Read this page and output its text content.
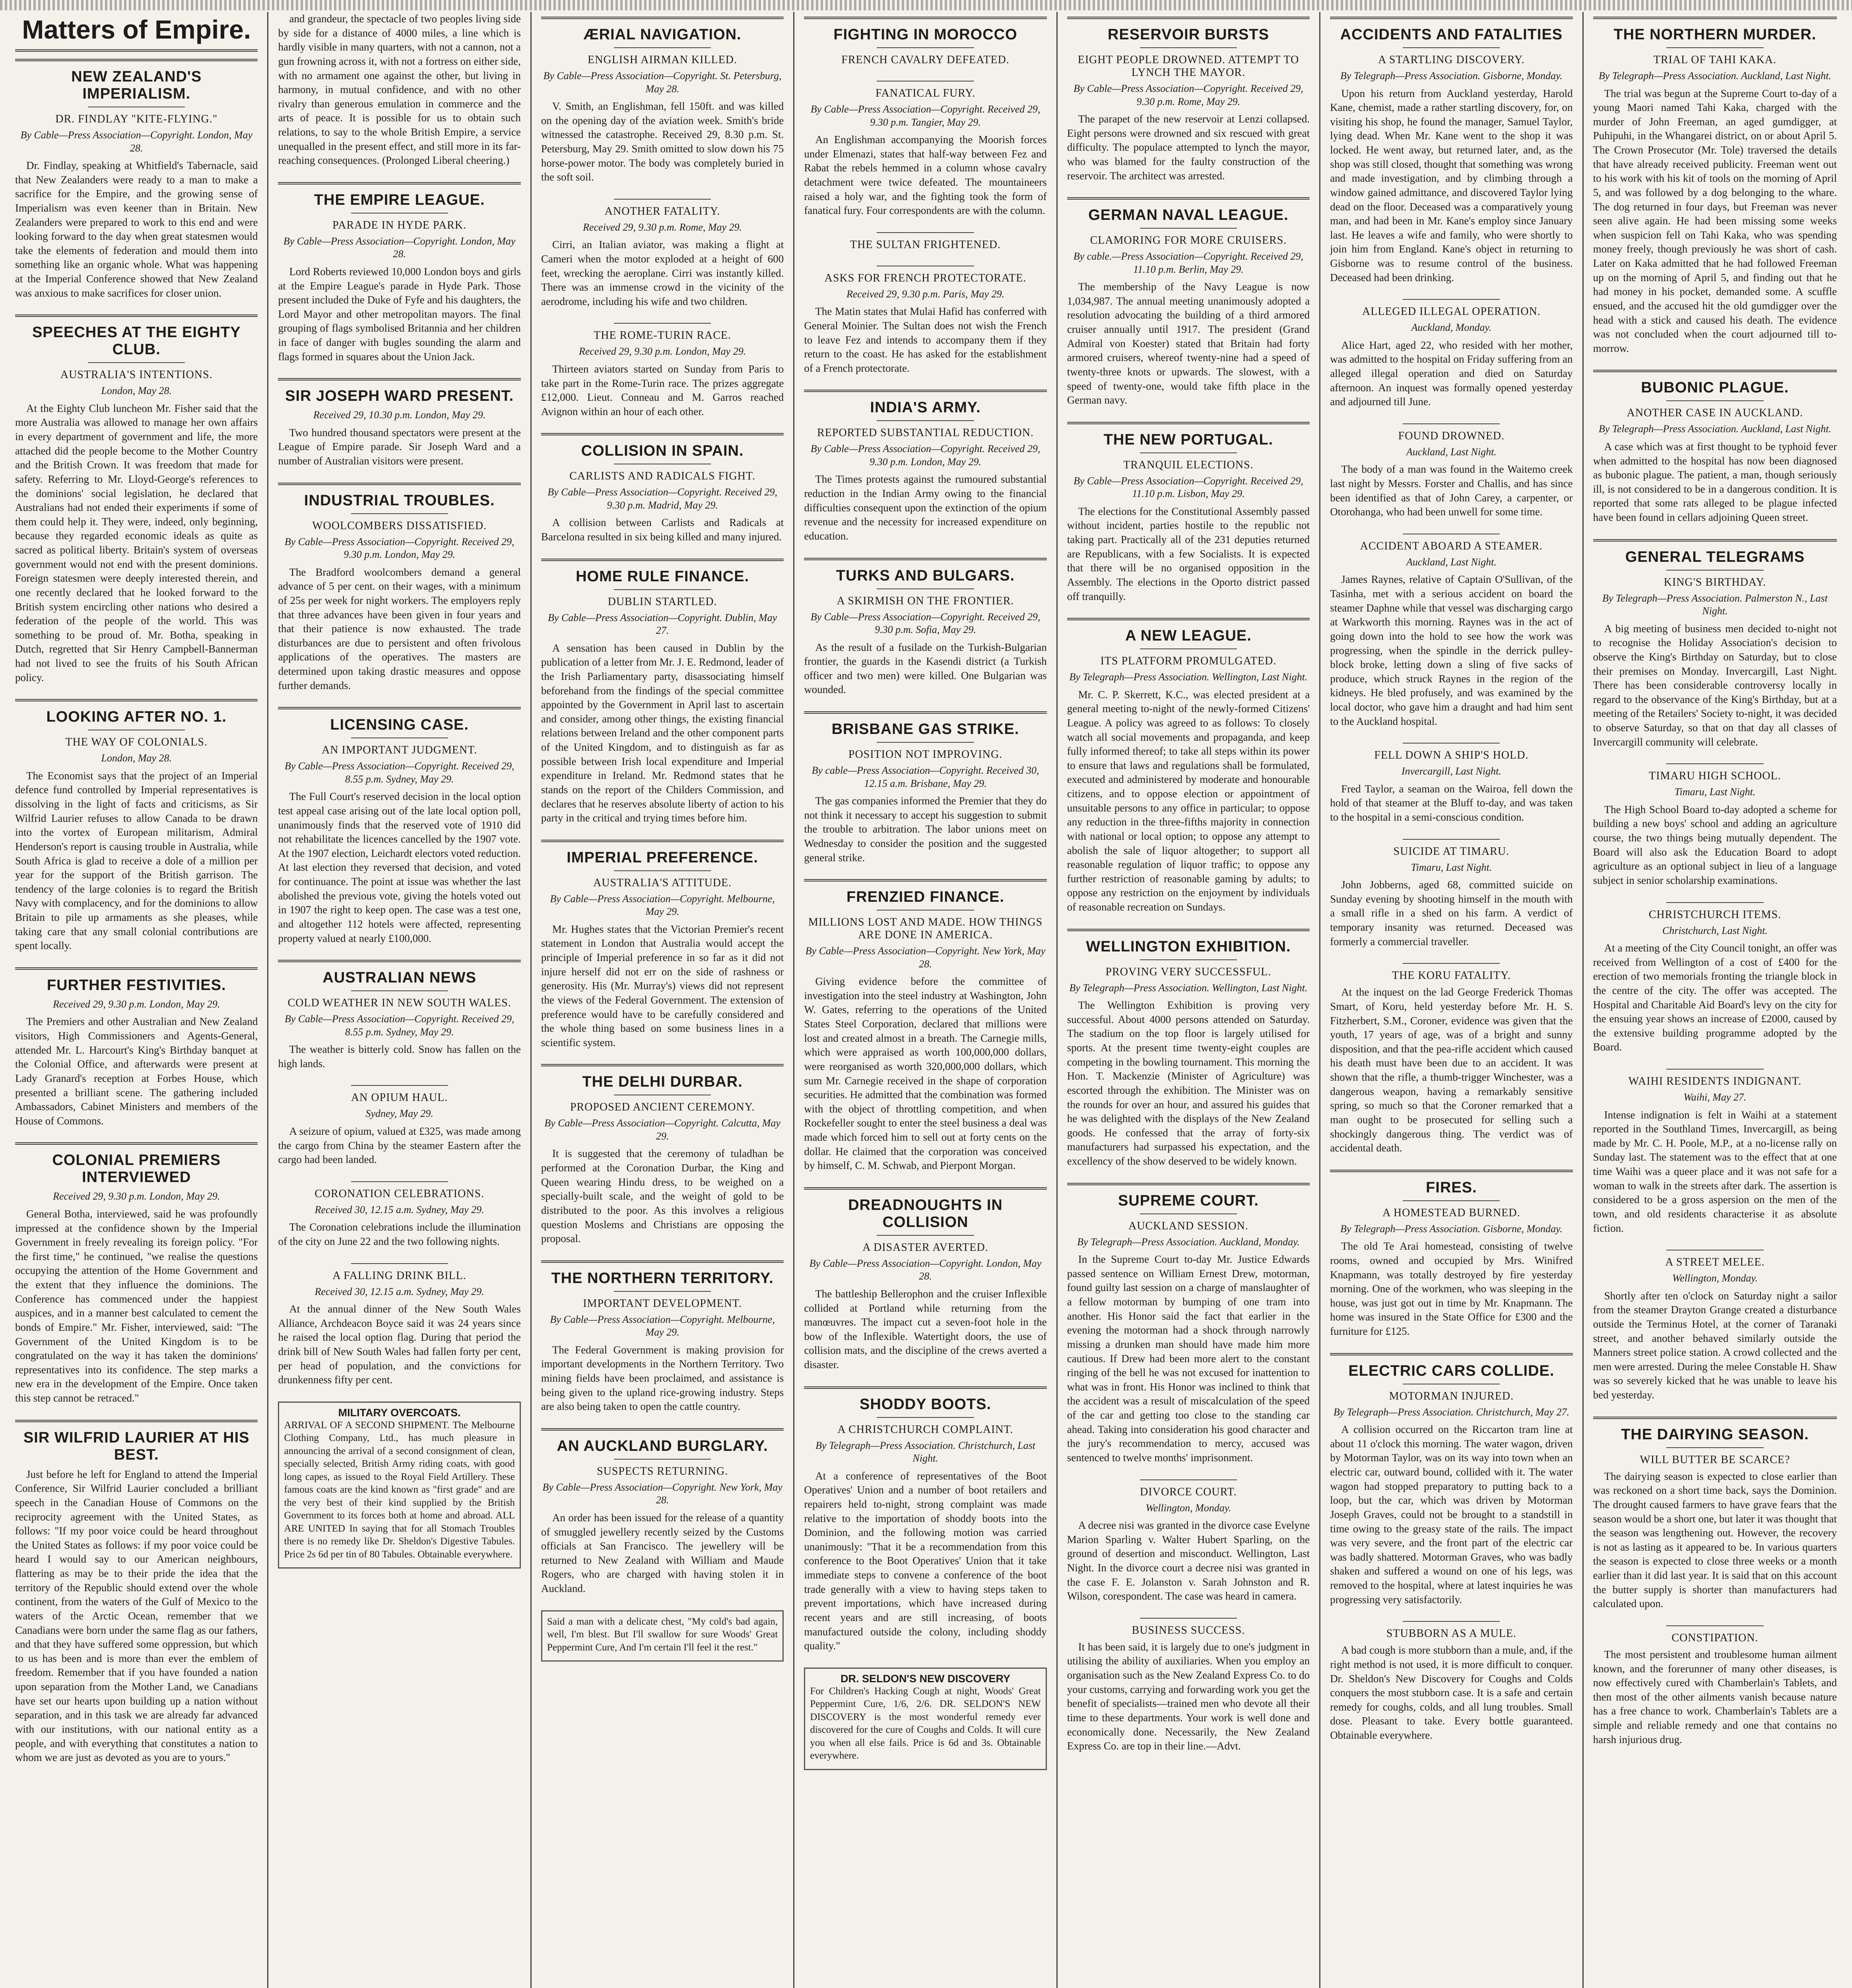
Matters of Empire.
NEW ZEALAND'S IMPERIALISM.
DR. FINDLAY "KITE-FLYING."
By Cable—Press Association—Copyright. London, May 28.

Dr. Findlay, speaking at Whitfield's Tabernacle, said that New Zealanders were ready to a man to make a sacrifice for the Empire, and the growing sense of Imperialism was even keener than in Britain. New Zealanders were prepared to work to this end and were looking forward to the day when great statesmen would take the elements of federation and mould them into something like an organic whole. What was happening at the Imperial Conference showed that New Zealand was anxious to make sacrifices for closer union.

SPEECHES AT THE EIGHTY CLUB.
AUSTRALIA'S INTENTIONS.
London, May 28.

At the Eighty Club luncheon Mr. Fisher said that the more Australia was allowed to manage her own affairs in every department of government and life, the more attached did the people become to the Mother Country and the British Crown. It was freedom that made for safety. Referring to Mr. Lloyd-George's references to the dominions' social legislation, he declared that Australians had not ended their experiments if some of them could help it. They were, indeed, only beginning, because they regarded economic ideals as quite as sacred as political liberty. Britain's system of overseas government would not end with the present dominions. Foreign statesmen were deeply interested therein, and one recently declared that he looked forward to the British system encircling other nations who desired a federation of the people of the world. This was something to be proud of. Mr. Botha, speaking in Dutch, regretted that Sir Henry Campbell-Bannerman had not lived to see the fruits of his South African policy.

LOOKING AFTER NO. 1.
THE WAY OF COLONIALS.
London, May 28.

The Economist says that the project of an Imperial defence fund controlled by Imperial representatives is dissolving in the light of facts and criticisms, as Sir Wilfrid Laurier refuses to allow Canada to be drawn into the vortex of European militarism, Admiral Henderson's report is causing trouble in Australia, while South Africa is glad to receive a dole of a million per year for the support of the British garrison. The tendency of the large colonies is to regard the British Navy with complacency, and for the dominions to allow Britain to pile up armaments as she pleases, while taking care that any small colonial contributions are spent locally.

FURTHER FESTIVITIES.
Received 29, 9.30 p.m. London, May 29.

The Premiers and other Australian and New Zealand visitors, High Commissioners and Agents-General, attended Mr. L. Harcourt's King's Birthday banquet at the Colonial Office, and afterwards were present at Lady Granard's reception at Forbes House, which presented a brilliant scene. The gathering included Ambassadors, Cabinet Ministers and members of the House of Commons.

COLONIAL PREMIERS INTERVIEWED
Received 29, 9.30 p.m. London, May 29.

General Botha, interviewed, said he was profoundly impressed at the confidence shown by the Imperial Government in freely revealing its foreign policy. "For the first time," he continued, "we realise the questions occupying the attention of the Home Government and the extent that they influence the dominions. The Conference has commenced under the happiest auspices, and in a manner best calculated to cement the bonds of Empire." Mr. Fisher, interviewed, said: "The Government of the United Kingdom is to be congratulated on the way it has taken the dominions' representatives into its confidence. The step marks a new era in the development of the Empire. Once taken this step cannot be retraced."

SIR WILFRID LAURIER AT HIS BEST.

Just before he left for England to attend the Imperial Conference, Sir Wilfrid Laurier concluded a brilliant speech in the Canadian House of Commons on the reciprocity agreement with the United States, as follows: "If my poor voice could be heard throughout the United States as follows: if my poor voice could be heard I would say to our American neighbours, flattering as may be to their pride the idea that the territory of the Republic should extend over the whole continent, from the waters of the Gulf of Mexico to the waters of the Arctic Ocean, remember that we Canadians were born under the same flag as our fathers, and that they have suffered some oppression, but which to us has been and is more than ever the emblem of freedom. Remember that if you have founded a nation upon separation from the Mother Land, we Canadians have set our hearts upon building up a nation without separation, and in this task we are already far advanced with our institutions, with our national entity as a people, and with everything that constitutes a nation to whom we are just as devoted as you are to yours."

and grandeur, the spectacle of two peoples living side by side for a distance of 4000 miles, a line which is hardly visible in many quarters, with not a cannon, not a gun frowning across it, with not a fortress on either side, with no armament one against the other, but living in harmony, in mutual confidence, and with no other rivalry than generous emulation in commerce and the arts of peace. It is possible for us to obtain such relations, to say to the whole British Empire, a service unequalled in the present effect, and still more in its far-reaching consequences. (Prolonged Liberal cheering.)

THE EMPIRE LEAGUE.
PARADE IN HYDE PARK.
By Cable—Press Association—Copyright. London, May 28.

Lord Roberts reviewed 10,000 London boys and girls at the Empire League's parade in Hyde Park. Those present included the Duke of Fyfe and his daughters, the Lord Mayor and other metropolitan mayors. The final grouping of flags symbolised Britannia and her children in face of danger with bugles sounding the alarm and flags formed in squares about the Union Jack.

SIR JOSEPH WARD PRESENT.
Received 29, 10.30 p.m. London, May 29.

Two hundred thousand spectators were present at the League of Empire parade. Sir Joseph Ward and a number of Australian visitors were present.

INDUSTRIAL TROUBLES.
WOOLCOMBERS DISSATISFIED.
By Cable—Press Association—Copyright. Received 29, 9.30 p.m. London, May 29.

The Bradford woolcombers demand a general advance of 5 per cent. on their wages, with a minimum of 25s per week for night workers. The employers reply that three advances have been given in four years and that their patience is now exhausted. The trade disturbances are due to persistent and often frivolous applications of the operatives. The masters are determined upon taking drastic measures and oppose further demands.

LICENSING CASE.
AN IMPORTANT JUDGMENT.
By Cable—Press Association—Copyright. Received 29, 8.55 p.m. Sydney, May 29.

The Full Court's reserved decision in the local option test appeal case arising out of the late local option poll, unanimously finds that the reserved vote of 1910 did not rehabilitate the licences cancelled by the 1907 vote. At the 1907 election, Leichardt electors voted reduction. At last election they reversed that decision, and voted for continuance. The point at issue was whether the last abolished the previous vote, giving the hotels voted out in 1907 the right to keep open. The case was a test one, and altogether 112 hotels were affected, representing property valued at nearly £100,000.

AUSTRALIAN NEWS
COLD WEATHER IN NEW SOUTH WALES.
By Cable—Press Association—Copyright. Received 29, 8.55 p.m. Sydney, May 29.

The weather is bitterly cold. Snow has fallen on the high lands.

AN OPIUM HAUL.
Sydney, May 29.

A seizure of opium, valued at £325, was made among the cargo from China by the steamer Eastern after the cargo had been landed.

CORONATION CELEBRATIONS.
Received 30, 12.15 a.m. Sydney, May 29.

The Coronation celebrations include the illumination of the city on June 22 and the two following nights.

A FALLING DRINK BILL.
Received 30, 12.15 a.m. Sydney, May 29.

At the annual dinner of the New South Wales Alliance, Archdeacon Boyce said it was 24 years since he raised the local option flag. During that period the drink bill of New South Wales had fallen forty per cent, per head of population, and the convictions for drunkenness fifty per cent.

MILITARY OVERCOATS.

ARRIVAL OF A SECOND SHIPMENT. The Melbourne Clothing Company, Ltd., has much pleasure in announcing the arrival of a second consignment of clean, specially selected, British Army riding coats, with good long capes, as issued to the Royal Field Artillery. These famous coats are the kind known as "first grade" and are the very best of their kind supplied by the British Government to its forces both at home and abroad. ALL ARE UNITED In saying that for all Stomach Troubles there is no remedy like Dr. Sheldon's Digestive Tabules. Price 2s 6d per tin of 80 Tabules. Obtainable everywhere.

ÆRIAL NAVIGATION.
ENGLISH AIRMAN KILLED.
By Cable—Press Association—Copyright. St. Petersburg, May 28.

V. Smith, an Englishman, fell 150ft. and was killed on the opening day of the aviation week. Smith's bride witnessed the catastrophe. Received 29, 8.30 p.m. St. Petersburg, May 29. Smith omitted to slow down his 75 horse-power motor. The body was completely buried in the soft soil.

ANOTHER FATALITY.
Received 29, 9.30 p.m. Rome, May 29.

Cirri, an Italian aviator, was making a flight at Cameri when the motor exploded at a height of 600 feet, wrecking the aeroplane. Cirri was instantly killed. There was an immense crowd in the vicinity of the aerodrome, including his wife and two children.

THE ROME-TURIN RACE.
Received 29, 9.30 p.m. London, May 29.

Thirteen aviators started on Sunday from Paris to take part in the Rome-Turin race. The prizes aggregate £12,000. Lieut. Conneau and M. Garros reached Avignon within an hour of each other.

COLLISION IN SPAIN.
CARLISTS AND RADICALS FIGHT.
By Cable—Press Association—Copyright. Received 29, 9.30 p.m. Madrid, May 29.

A collision between Carlists and Radicals at Barcelona resulted in six being killed and many injured.

HOME RULE FINANCE.
DUBLIN STARTLED.
By Cable—Press Association—Copyright. Dublin, May 27.

A sensation has been caused in Dublin by the publication of a letter from Mr. J. E. Redmond, leader of the Irish Parliamentary party, disassociating himself beforehand from the findings of the special committee appointed by the Government in April last to ascertain and consider, among other things, the existing financial relations between Ireland and the other component parts of the United Kingdom, and to distinguish as far as possible between Irish local expenditure and Imperial expenditure in Ireland. Mr. Redmond states that he stands on the report of the Childers Commission, and declares that he reserves absolute liberty of action to his party in the critical and trying times before him.

IMPERIAL PREFERENCE.
AUSTRALIA'S ATTITUDE.
By Cable—Press Association—Copyright. Melbourne, May 29.

Mr. Hughes states that the Victorian Premier's recent statement in London that Australia would accept the principle of Imperial preference in so far as it did not injure herself did not err on the side of rashness or generosity. His (Mr. Murray's) views did not represent the views of the Federal Government. The extension of preference would have to be carefully considered and the whole thing based on some business lines in a scientific system.

THE DELHI DURBAR.
PROPOSED ANCIENT CEREMONY.
By Cable—Press Association—Copyright. Calcutta, May 29.

It is suggested that the ceremony of tuladhan be performed at the Coronation Durbar, the King and Queen wearing Hindu dress, to be weighed on a specially-built scale, and the weight of gold to be distributed to the poor. As this involves a religious question Moslems and Christians are opposing the proposal.

THE NORTHERN TERRITORY.
IMPORTANT DEVELOPMENT.
By Cable—Press Association—Copyright. Melbourne, May 29.

The Federal Government is making provision for important developments in the Northern Territory. Two mining fields have been proclaimed, and assistance is being given to the upland rice-growing industry. Steps are also being taken to open the cattle country.

AN AUCKLAND BURGLARY.
SUSPECTS RETURNING.
By Cable—Press Association—Copyright. New York, May 28.

An order has been issued for the release of a quantity of smuggled jewellery recently seized by the Customs officials at San Francisco. The jewellery will be returned to New Zealand with William and Maude Rogers, who are charged with having stolen it in Auckland.

Said a man with a delicate chest, "My cold's bad again, well, I'm blest. But I'll swallow for sure Woods' Great Peppermint Cure, And I'm certain I'll feel it the rest."

FIGHTING IN MOROCCO
FRENCH CAVALRY DEFEATED.
FANATICAL FURY.
By Cable—Press Association—Copyright. Received 29, 9.30 p.m. Tangier, May 29.

An Englishman accompanying the Moorish forces under Elmenazi, states that half-way between Fez and Rabat the rebels hemmed in a column whose cavalry detachment were twice defeated. The mountaineers raised a holy war, and the fighting took the form of fanatical fury. Four correspondents are with the column.

THE SULTAN FRIGHTENED.
ASKS FOR FRENCH PROTECTORATE.
Received 29, 9.30 p.m. Paris, May 29.

The Matin states that Mulai Hafid has conferred with General Moinier. The Sultan does not wish the French to leave Fez and intends to accompany them if they return to the coast. He has asked for the establishment of a French protectorate.

INDIA'S ARMY.
REPORTED SUBSTANTIAL REDUCTION.
By Cable—Press Association—Copyright. Received 29, 9.30 p.m. London, May 29.

The Times protests against the rumoured substantial reduction in the Indian Army owing to the financial difficulties consequent upon the extinction of the opium revenue and the necessity for increased expenditure on education.

TURKS AND BULGARS.
A SKIRMISH ON THE FRONTIER.
By Cable—Press Association—Copyright. Received 29, 9.30 p.m. Sofia, May 29.

As the result of a fusilade on the Turkish-Bulgarian frontier, the guards in the Kasendi district (a Turkish officer and two men) were killed. One Bulgarian was wounded.

BRISBANE GAS STRIKE.
POSITION NOT IMPROVING.
By cable—Press Association—Copyright. Received 30, 12.15 a.m. Brisbane, May 29.

The gas companies informed the Premier that they do not think it necessary to accept his suggestion to submit the trouble to arbitration. The labor unions meet on Wednesday to consider the position and the suggested general strike.

FRENZIED FINANCE.
MILLIONS LOST AND MADE. HOW THINGS ARE DONE IN AMERICA.
By Cable—Press Association—Copyright. New York, May 28.

Giving evidence before the committee of investigation into the steel industry at Washington, John W. Gates, referring to the operations of the United States Steel Corporation, declared that millions were lost and created almost in a breath. The Carnegie mills, which were appraised as worth 100,000,000 dollars, were reorganised as worth 320,000,000 dollars, which sum Mr. Carnegie received in the shape of corporation securities. He admitted that the combination was formed with the object of throttling competition, and when Rockefeller sought to enter the steel business a deal was made which forced him to sell out at forty cents on the dollar. He claimed that the corporation was conceived by himself, C. M. Schwab, and Pierpont Morgan.

DREADNOUGHTS IN COLLISION
A DISASTER AVERTED.
By Cable—Press Association—Copyright. London, May 28.

The battleship Bellerophon and the cruiser Inflexible collided at Portland while returning from the manœuvres. The impact cut a seven-foot hole in the bow of the Inflexible. Watertight doors, the use of collision mats, and the discipline of the crews averted a disaster.

SHODDY BOOTS.
A CHRISTCHURCH COMPLAINT.
By Telegraph—Press Association. Christchurch, Last Night.

At a conference of representatives of the Boot Operatives' Union and a number of boot retailers and repairers held to-night, strong complaint was made relative to the importation of shoddy boots into the Dominion, and the following motion was carried unanimously: "That it be a recommendation from this conference to the Boot Operatives' Union that it take immediate steps to convene a conference of the boot trade generally with a view to having steps taken to prevent importations, which have increased during recent years and are still increasing, of boots manufactured outside the colony, including shoddy quality."

DR. SELDON'S NEW DISCOVERY

For Children's Hacking Cough at night, Woods' Great Peppermint Cure, 1/6, 2/6. DR. SELDON'S NEW DISCOVERY is the most wonderful remedy ever discovered for the cure of Coughs and Colds. It will cure you when all else fails. Price is 6d and 3s. Obtainable everywhere.

RESERVOIR BURSTS
EIGHT PEOPLE DROWNED. ATTEMPT TO LYNCH THE MAYOR.
By Cable—Press Association—Copyright. Received 29, 9.30 p.m. Rome, May 29.

The parapet of the new reservoir at Lenzi collapsed. Eight persons were drowned and six rescued with great difficulty. The populace attempted to lynch the mayor, who was blamed for the faulty construction of the reservoir. The architect was arrested.

GERMAN NAVAL LEAGUE.
CLAMORING FOR MORE CRUISERS.
By cable.—Press Association—Copyright. Received 29, 11.10 p.m. Berlin, May 29.

The membership of the Navy League is now 1,034,987. The annual meeting unanimously adopted a resolution advocating the building of a third armored cruiser annually until 1917. The president (Grand Admiral von Koester) stated that Britain had forty armored cruisers, whereof twenty-nine had a speed of twenty-three knots or upwards. The slowest, with a speed of twenty-one, would take fifth place in the German navy.

THE NEW PORTUGAL.
TRANQUIL ELECTIONS.
By Cable—Press Association—Copyright. Received 29, 11.10 p.m. Lisbon, May 29.

The elections for the Constitutional Assembly passed without incident, parties hostile to the republic not taking part. Practically all of the 231 deputies returned are Republicans, with a few Socialists. It is expected that there will be no organised opposition in the Assembly. The elections in the Oporto district passed off tranquilly.

A NEW LEAGUE.
ITS PLATFORM PROMULGATED.
By Telegraph—Press Association. Wellington, Last Night.

Mr. C. P. Skerrett, K.C., was elected president at a general meeting to-night of the newly-formed Citizens' League. A policy was agreed to as follows: To closely watch all social movements and propaganda, and keep fully informed thereof; to take all steps within its power to ensure that laws and regulations shall be formulated, executed and administered by moderate and honourable citizens, and to oppose election or appointment of unsuitable persons to any office in particular; to oppose any reduction in the three-fifths majority in connection with national or local option; to oppose any attempt to abolish the sale of liquor altogether; to support all reasonable regulation of liquor traffic; to oppose any further restriction of reasonable gaming by adults; to oppose any restriction on the enjoyment by individuals of reasonable recreation on Sundays.

WELLINGTON EXHIBITION.
PROVING VERY SUCCESSFUL.
By Telegraph—Press Association. Wellington, Last Night.

The Wellington Exhibition is proving very successful. About 4000 persons attended on Saturday. The stadium on the top floor is largely utilised for sports. At the present time twenty-eight couples are competing in the bowling tournament. This morning the Hon. T. Mackenzie (Minister of Agriculture) was escorted through the exhibition. The Minister was on the rounds for over an hour, and assured his guides that he was delighted with the displays of the New Zealand goods. He confessed that the array of forty-six manufacturers had surpassed his expectation, and the excellency of the show deserved to be widely known.

SUPREME COURT.
AUCKLAND SESSION.
By Telegraph—Press Association. Auckland, Monday.

In the Supreme Court to-day Mr. Justice Edwards passed sentence on William Ernest Drew, motorman, found guilty last session on a charge of manslaughter of a fellow motorman by bumping of one tram into another. His Honor said the fact that earlier in the evening the motorman had a shock through narrowly missing a drunken man should have made him more cautious. If Drew had been more alert to the constant ringing of the bell he was not excused for inattention to what was in front. His Honor was inclined to think that the accident was a result of miscalculation of the speed of the car and getting too close to the standing car ahead. Taking into consideration his good character and the jury's recommendation to mercy, accused was sentenced to twelve months' imprisonment.

DIVORCE COURT.
Wellington, Monday.

A decree nisi was granted in the divorce case Evelyne Marion Sparling v. Walter Hubert Sparling, on the ground of desertion and misconduct. Wellington, Last Night. In the divorce court a decree nisi was granted in the case F. E. Jolanston v. Sarah Johnston and R. Wilson, corespondent. The case was heard in camera.

BUSINESS SUCCESS.

It has been said, it is largely due to one's judgment in utilising the ability of auxiliaries. When you employ an organisation such as the New Zealand Express Co. to do your customs, carrying and forwarding work you get the benefit of specialists—trained men who devote all their time to these departments. Your work is well done and economically done. Necessarily, the New Zealand Express Co. are top in their line.—Advt.

ACCIDENTS AND FATALITIES
A STARTLING DISCOVERY.
By Telegraph—Press Association. Gisborne, Monday.

Upon his return from Auckland yesterday, Harold Kane, chemist, made a rather startling discovery, for, on visiting his shop, he found the manager, Samuel Taylor, lying dead. When Mr. Kane went to the shop it was locked. He went away, but returned later, and, as the shop was still closed, thought that something was wrong and made investigation, and by climbing through a window gained admittance, and discovered Taylor lying dead on the floor. Deceased was a comparatively young man, and had been in Mr. Kane's employ since January last. He leaves a wife and family, who were shortly to join him from England. Kane's object in returning to Gisborne was to resume control of the business. Deceased had been drinking.

ALLEGED ILLEGAL OPERATION.
Auckland, Monday.

Alice Hart, aged 22, who resided with her mother, was admitted to the hospital on Friday suffering from an alleged illegal operation and died on Saturday afternoon. An inquest was formally opened yesterday and adjourned till June.

FOUND DROWNED.
Auckland, Last Night.

The body of a man was found in the Waitemo creek last night by Messrs. Forster and Challis, and has since been identified as that of John Carey, a carpenter, or Otorohanga, who had been unwell for some time.

ACCIDENT ABOARD A STEAMER.
Auckland, Last Night.

James Raynes, relative of Captain O'Sullivan, of the Tasinha, met with a serious accident on board the steamer Daphne while that vessel was discharging cargo at Warkworth this morning. Raynes was in the act of going down into the hold to see how the work was progressing, when the spindle in the derrick pulley-block broke, letting down a sling of five sacks of produce, which struck Raynes in the region of the kidneys. He bled profusely, and was examined by the local doctor, who gave him a draught and had him sent to the Auckland hospital.

FELL DOWN A SHIP'S HOLD.
Invercargill, Last Night.

Fred Taylor, a seaman on the Wairoa, fell down the hold of that steamer at the Bluff to-day, and was taken to the hospital in a semi-conscious condition.

SUICIDE AT TIMARU.
Timaru, Last Night.

John Jobberns, aged 68, committed suicide on Sunday evening by shooting himself in the mouth with a small rifle in a shed on his farm. A verdict of temporary insanity was returned. Deceased was formerly a commercial traveller.

THE KORU FATALITY.

At the inquest on the lad George Frederick Thomas Smart, of Koru, held yesterday before Mr. H. S. Fitzherbert, S.M., Coroner, evidence was given that the youth, 17 years of age, was of a bright and sunny disposition, and that the pea-rifle accident which caused his death must have been due to an accident. It was shown that the rifle, a thumb-trigger Winchester, was a dangerous weapon, having a remarkably sensitive spring, so much so that the Coroner remarked that a man ought to be prosecuted for selling such a shockingly dangerous thing. The verdict was of accidental death.

FIRES.
A HOMESTEAD BURNED.
By Telegraph—Press Association. Gisborne, Monday.

The old Te Arai homestead, consisting of twelve rooms, owned and occupied by Mrs. Winifred Knapmann, was totally destroyed by fire yesterday morning. One of the workmen, who was sleeping in the house, was just got out in time by Mr. Knapmann. The home was insured in the State Office for £300 and the furniture for £125.

ELECTRIC CARS COLLIDE.
MOTORMAN INJURED.
By Telegraph—Press Association. Christchurch, May 27.

A collision occurred on the Riccarton tram line at about 11 o'clock this morning. The water wagon, driven by Motorman Taylor, was on its way into town when an electric car, outward bound, collided with it. The water wagon had stopped preparatory to putting back to a loop, but the car, which was driven by Motorman Joseph Graves, could not be brought to a standstill in time owing to the greasy state of the rails. The impact was very severe, and the front part of the electric car was badly shattered. Motorman Graves, who was badly shaken and suffered a wound on one of his legs, was removed to the hospital, where at latest inquiries he was progressing very satisfactorily.

STUBBORN AS A MULE.

A bad cough is more stubborn than a mule, and, if the right method is not used, it is more difficult to conquer. Dr. Sheldon's New Discovery for Coughs and Colds conquers the most stubborn case. It is a safe and certain remedy for coughs, colds, and all lung troubles. Small dose. Pleasant to take. Every bottle guaranteed. Obtainable everywhere.

THE NORTHERN MURDER.
TRIAL OF TAHI KAKA.
By Telegraph—Press Association. Auckland, Last Night.

The trial was begun at the Supreme Court to-day of a young Maori named Tahi Kaka, charged with the murder of John Freeman, an aged gumdigger, at Puhipuhi, in the Whangarei district, on or about April 5. The Crown Prosecutor (Mr. Tole) traversed the details that have already received publicity. Freeman went out to his work with his kit of tools on the morning of April 5, and was followed by a dog belonging to the whare. The dog returned in four days, but Freeman was never seen alive again. He had been missing some weeks when suspicion fell on Tahi Kaka, who was spending money freely, though previously he was short of cash. Later on Kaka admitted that he had followed Freeman up on the morning of April 5, and finding out that he had money in his pocket, demanded some. A scuffle ensued, and the accused hit the old gumdigger over the head with a stick and caused his death. The evidence was not concluded when the court adjourned till to-morrow.

BUBONIC PLAGUE.
ANOTHER CASE IN AUCKLAND.
By Telegraph—Press Association. Auckland, Last Night.

A case which was at first thought to be typhoid fever when admitted to the hospital has now been diagnosed as bubonic plague. The patient, a man, though seriously ill, is not considered to be in a dangerous condition. It is reported that some rats alleged to be plague infected have been found in cellars adjoining Queen street.

GENERAL TELEGRAMS
KING'S BIRTHDAY.
By Telegraph—Press Association. Palmerston N., Last Night.

A big meeting of business men decided to-night not to recognise the Holiday Association's decision to observe the King's Birthday on Saturday, but to close their premises on Monday. Invercargill, Last Night. There has been considerable controversy locally in regard to the observance of the King's Birthday, but at a meeting of the Retailers' Society to-night, it was decided to observe Saturday, so that on that day all classes of Invercargill community will celebrate.

TIMARU HIGH SCHOOL.
Timaru, Last Night.

The High School Board to-day adopted a scheme for building a new boys' school and adding an agriculture course, the two things being mutually dependent. The Board will also ask the Education Board to adopt agriculture as an optional subject in lieu of a language subject in senior scholarship examinations.

CHRISTCHURCH ITEMS.
Christchurch, Last Night.

At a meeting of the City Council tonight, an offer was received from Wellington of a cost of £400 for the erection of two memorials fronting the triangle block in the centre of the city. The offer was accepted. The Hospital and Charitable Aid Board's levy on the city for the ensuing year shows an increase of £2000, caused by the extensive building programme adopted by the Board.

WAIHI RESIDENTS INDIGNANT.
Waihi, May 27.

Intense indignation is felt in Waihi at a statement reported in the Southland Times, Invercargill, as being made by Mr. C. H. Poole, M.P., at a no-license rally on Sunday last. The statement was to the effect that at one time Waihi was a queer place and it was not safe for a woman to walk in the streets after dark. The assertion is considered to be a gross aspersion on the men of the town, and old residents characterise it as absolute fiction.

A STREET MELEE.
Wellington, Monday.

Shortly after ten o'clock on Saturday night a sailor from the steamer Drayton Grange created a disturbance outside the Terminus Hotel, at the corner of Taranaki street, and another behaved similarly outside the Manners street police station. A crowd collected and the men were arrested. During the melee Constable H. Shaw was so severely kicked that he was unable to leave his bed yesterday.

THE DAIRYING SEASON.
WILL BUTTER BE SCARCE?

The dairying season is expected to close earlier than was reckoned on a short time back, says the Dominion. The drought caused farmers to have grave fears that the season would be a short one, but later it was thought that the season was lengthening out. However, the recovery is not as lasting as it appeared to be. In various quarters the season is expected to close three weeks or a month earlier than it did last year. It is said that on this account the butter supply is shorter than manufacturers had calculated upon.

CONSTIPATION.

The most persistent and troublesome human ailment known, and the forerunner of many other diseases, is now effectively cured with Chamberlain's Tablets, and then most of the other ailments vanish because nature has a free chance to work. Chamberlain's Tablets are a simple and reliable remedy and one that contains no harsh injurious drug.
